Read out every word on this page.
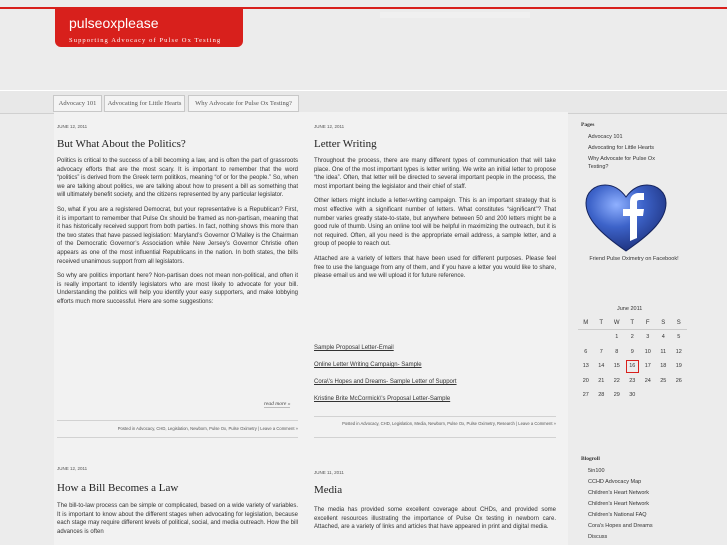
pulseoxplease
Supporting Advocacy of Pulse Ox Testing
Advocacy 101	Advocating for Little Hearts	Why Advocate for Pulse Ox Testing?
JUNE 12, 2011
But What About the Politics?

Politics is critical to the success of a bill becoming a law, and is often the part of grassroots advocacy efforts that are the most scary. It is important to remember that the word “politics” is derived from the Greek term politikos, meaning “of or for the people.” So, when we are talking about politics, we are talking about how to present a bill as something that will ultimately benefit society, and the citizens represented by any particular legislator.

So, what if you are a registered Democrat, but your representative is a Republican? First, it is important to remember that Pulse Ox should be framed as non-partisan, meaning that it has historically received support from both parties. In fact, nothing shows this more than the two states that have passed legislation: Maryland’s Governor O’Malley is the Chairman of the Democratic Governor’s Association while New Jersey’s Governor Christie often appears as one of the most influential Republicans in the nation. In both states, the bills received unanimous support from all legislators.

So why are politics important here? Non-partisan does not mean non-political, and often it is really important to identify legislators who are most likely to advocate for your bill. Understanding the politics will help you identify your easy supporters, and make lobbying efforts much more successful. Here are some suggestions:

read more »
Posted in Advocacy, CHD, Legislation, Newborn, Pulse Ox, Pulse Oximetry | Leave a Comment »
JUNE 12, 2011
Letter Writing

Throughout the process, there are many different types of communication that will take place. One of the most important types is letter writing. We write an initial letter to propose “the idea”. Often, that letter will be directed to several important people in the process, the most important being the legislator and their chief of staff.

Other letters might include a letter-writing campaign. This is an important strategy that is most effective with a significant number of letters. What constitutes “significant”? That number varies greatly state-to-state, but anywhere between 50 and 200 letters might be a good rule of thumb. Using an online tool will be helpful in maximizing the outreach, but it is not required. Often, all you need is the appropriate email address, a sample letter, and a group of people to reach out.

Attached are a variety of letters that have been used for different purposes. Please feel free to use the language from any of them, and if you have a letter you would like to share, please email us and we will upload it for future reference.

Sample Proposal Letter-Email
Online Letter Writing Campaign- Sample
Cora\'s Hopes and Dreams- Sample Letter of Support
Kristine Brite McCormick\'s Proposal Letter-Sample
Posted in Advocacy, CHD, Legislation, Media, Newborn, Pulse Ox, Pulse Oximetry, Research | Leave a Comment »
JUNE 12, 2011
How a Bill Becomes a Law

The bill-to-law process can be simple or complicated, based on a wide variety of variables. It is important to know about the different stages when advocating for legislation, because each stage may require different levels of political, social, and media outreach. How the bill advances is often

JUNE 11, 2011
Media

The media has provided some excellent coverage about CHDs, and provided some excellent resources illustrating the importance of Pulse Ox testing in newborn care. Attached, are a variety of links and articles that have appeared in print and digital media.

Pages
Advocacy 101
Advocating for Little Hearts
Why Advocate for Pulse Ox Testing?
Friend Pulse Oximetry on Facebook!
June 2011
M	T	W	T	F	S	S
		1	2	3	4	5
6	7	8	9	10	11	12
13	14	15	16	17	18	19
20	21	22	23	24	25	26
27	28	29	30			
Blogroll
5in100
CCHD Advocacy Map
Children's Heart Network
Children's Heart Network
Children's National FAQ
Cora's Hopes and Dreams
Discuss
